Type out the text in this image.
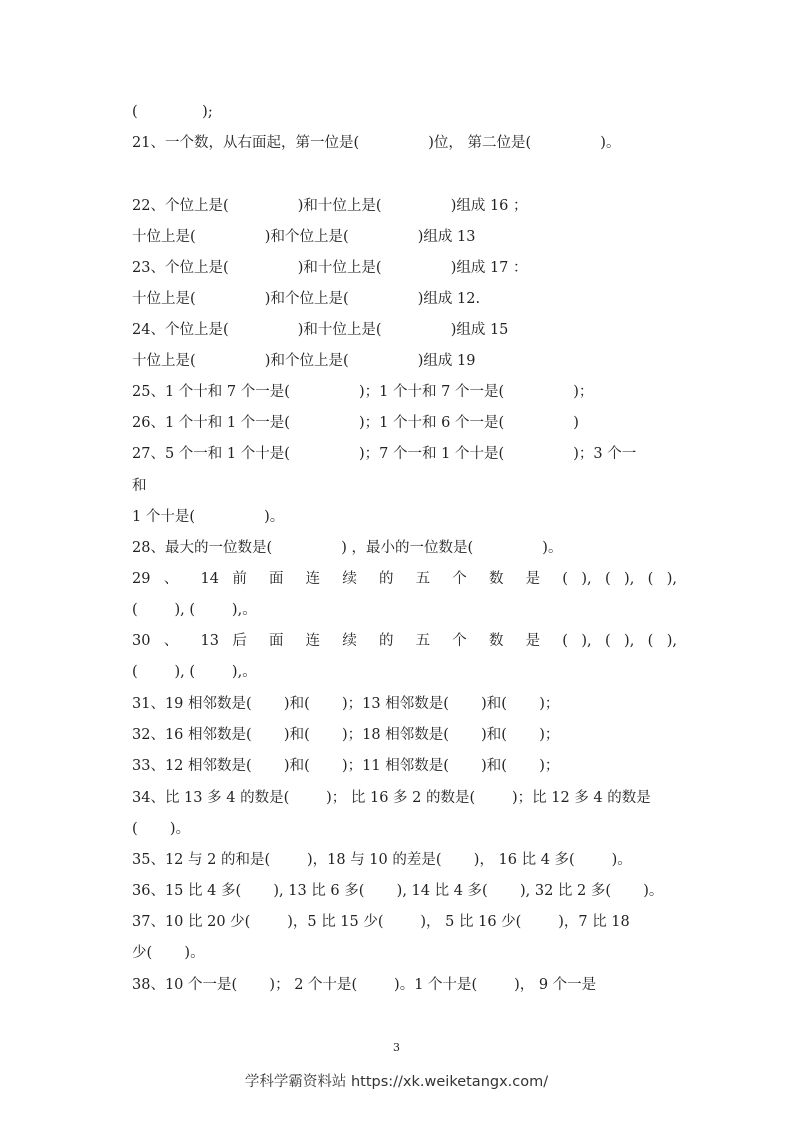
(              );
21、一个数，从右面起，第一位是(               )位， 第二位是(               )。
22、个位上是(               )和十位上是(               )组成 16 ；
十位上是(               )和个位上是(               )组成 13
23、个位上是(               )和十位上是(               )组成 17 ：
十位上是(               )和个位上是(               )组成 12.
24、个位上是(               )和十位上是(               )组成 15
十位上是(               )和个位上是(               )组成 19
25、1 个十和 7 个一是(               )；1 个十和 7 个一是(               )；
26、1 个十和 1 个一是(               )；1 个十和 6 个一是(               )
27、5 个一和 1 个十是(               )；7 个一和 1 个十是(               )；3 个一
和
1 个十是(               )。
28、最大的一位数是(               ) ，最小的一位数是(               )。
29 、 14 前 面 连 续 的 五 个 数 是 ( ), ( ), ( ),
(        ), (        ),。
30 、 13 后 面 连 续 的 五 个 数 是 ( ), ( ), ( ),
(        ), (        ),。
31、19 相邻数是(       )和(       )；13 相邻数是(       )和(       )；
32、16 相邻数是(       )和(       )；18 相邻数是(       )和(       )；
33、12 相邻数是(       )和(       )；11 相邻数是(       )和(       )；
34、比 13 多 4 的数是(        )； 比 16 多 2 的数是(        )；比 12 多 4 的数是
(       )。
35、12 与 2 的和是(        )，18 与 10 的差是(       )， 16 比 4 多(        )。
36、15 比 4 多(       ), 13 比 6 多(       ), 14 比 4 多(       ), 32 比 2 多(       )。
37、10 比 20 少(        )，5 比 15 少(        )， 5 比 16 少(        )，7 比 18
少(       )。
38、10 个一是(       )； 2 个十是(        )。1 个十是(        )， 9 个一是
3
学科学霸资料站 https://xk.weiketangx.com/
